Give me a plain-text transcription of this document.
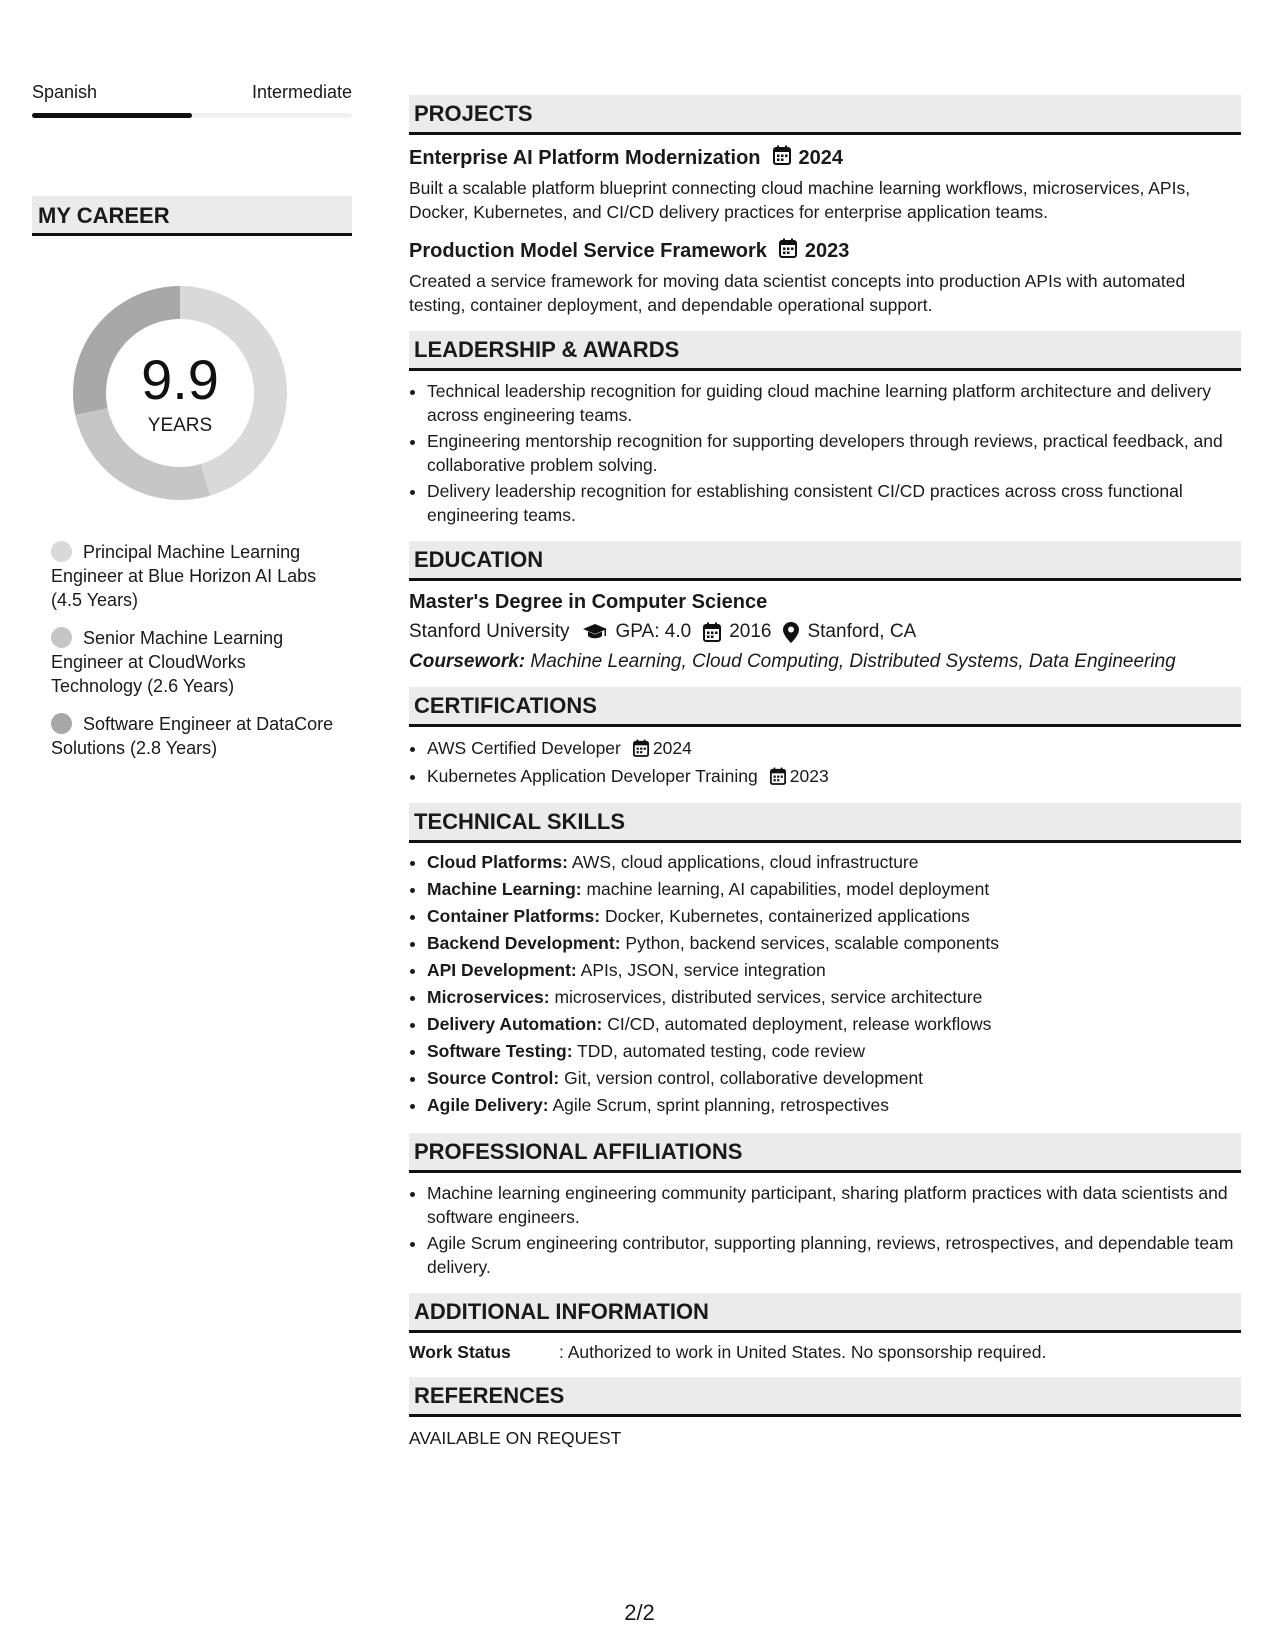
Spanish	Intermediate
MY CAREER
9.9
YEARS
Principal Machine Learning Engineer at Blue Horizon AI Labs (4.5 Years)
Senior Machine Learning Engineer at CloudWorks Technology (2.6 Years)
Software Engineer at DataCore Solutions (2.8 Years)
PROJECTS
Enterprise AI Platform Modernization 2024
Built a scalable platform blueprint connecting cloud machine learning workflows, microservices, APIs, Docker, Kubernetes, and CI/CD delivery practices for enterprise application teams.
Production Model Service Framework 2023
Created a service framework for moving data scientist concepts into production APIs with automated testing, container deployment, and dependable operational support.
LEADERSHIP & AWARDS
• Technical leadership recognition for guiding cloud machine learning platform architecture and delivery across engineering teams.
• Engineering mentorship recognition for supporting developers through reviews, practical feedback, and collaborative problem solving.
• Delivery leadership recognition for establishing consistent CI/CD practices across cross functional engineering teams.
EDUCATION
Master's Degree in Computer Science
Stanford University GPA: 4.0 2016 Stanford, CA
Coursework: Machine Learning, Cloud Computing, Distributed Systems, Data Engineering
CERTIFICATIONS
• AWS Certified Developer 2024
• Kubernetes Application Developer Training 2023
TECHNICAL SKILLS
• Cloud Platforms: AWS, cloud applications, cloud infrastructure
• Machine Learning: machine learning, AI capabilities, model deployment
• Container Platforms: Docker, Kubernetes, containerized applications
• Backend Development: Python, backend services, scalable components
• API Development: APIs, JSON, service integration
• Microservices: microservices, distributed services, service architecture
• Delivery Automation: CI/CD, automated deployment, release workflows
• Software Testing: TDD, automated testing, code review
• Source Control: Git, version control, collaborative development
• Agile Delivery: Agile Scrum, sprint planning, retrospectives
PROFESSIONAL AFFILIATIONS
• Machine learning engineering community participant, sharing platform practices with data scientists and software engineers.
• Agile Scrum engineering contributor, supporting planning, reviews, retrospectives, and dependable team delivery.
ADDITIONAL INFORMATION
Work Status	: Authorized to work in United States. No sponsorship required.
REFERENCES
AVAILABLE ON REQUEST
2/2
